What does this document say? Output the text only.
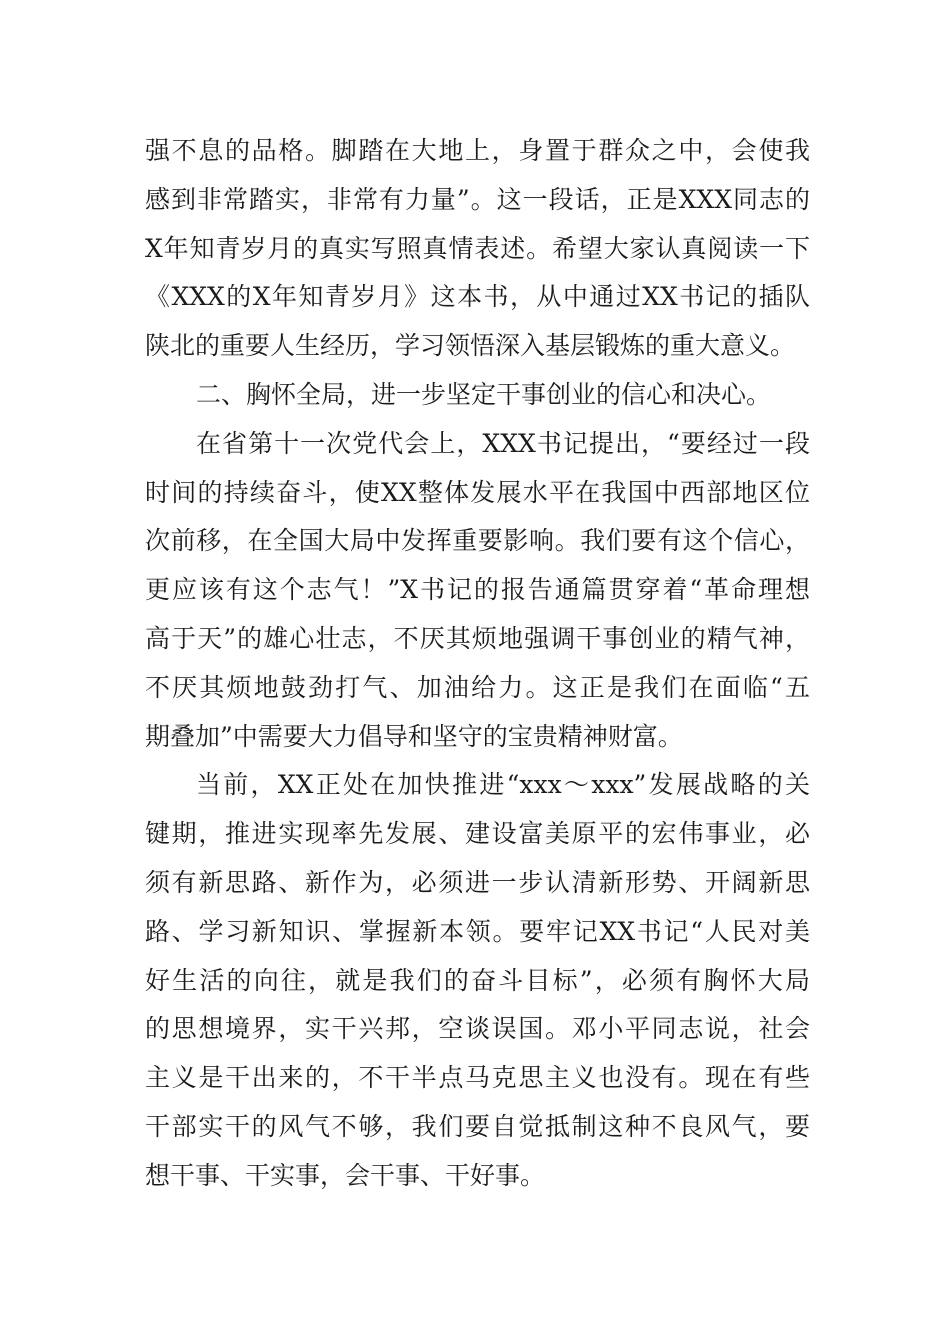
强不息的品格。脚踏在大地上，身置于群众之中，会使我
感到非常踏实，非常有力量”。这一段话，正是XXX同志的
X年知青岁月的真实写照真情表述。希望大家认真阅读一下
《XXX的X年知青岁月》这本书，从中通过XX书记的插队
陕北的重要人生经历，学习领悟深入基层锻炼的重大意义。
二、胸怀全局，进一步坚定干事创业的信心和决心。
在省第十一次党代会上，XXX书记提出，“要经过一段
时间的持续奋斗，使XX整体发展水平在我国中西部地区位
次前移，在全国大局中发挥重要影响。我们要有这个信心，
更应该有这个志气！”X书记的报告通篇贯穿着“革命理想
高于天”的雄心壮志，不厌其烦地强调干事创业的精气神，
不厌其烦地鼓劲打气、加油给力。这正是我们在面临“五
期叠加”中需要大力倡导和坚守的宝贵精神财富。
当前，XX正处在加快推进“xxx～xxx”发展战略的关
键期，推进实现率先发展、建设富美原平的宏伟事业，必
须有新思路、新作为，必须进一步认清新形势、开阔新思
路、学习新知识、掌握新本领。要牢记XX书记“人民对美
好生活的向往，就是我们的奋斗目标”，必须有胸怀大局
的思想境界，实干兴邦，空谈误国。邓小平同志说，社会
主义是干出来的，不干半点马克思主义也没有。现在有些
干部实干的风气不够，我们要自觉抵制这种不良风气，要
想干事、干实事，会干事、干好事。
